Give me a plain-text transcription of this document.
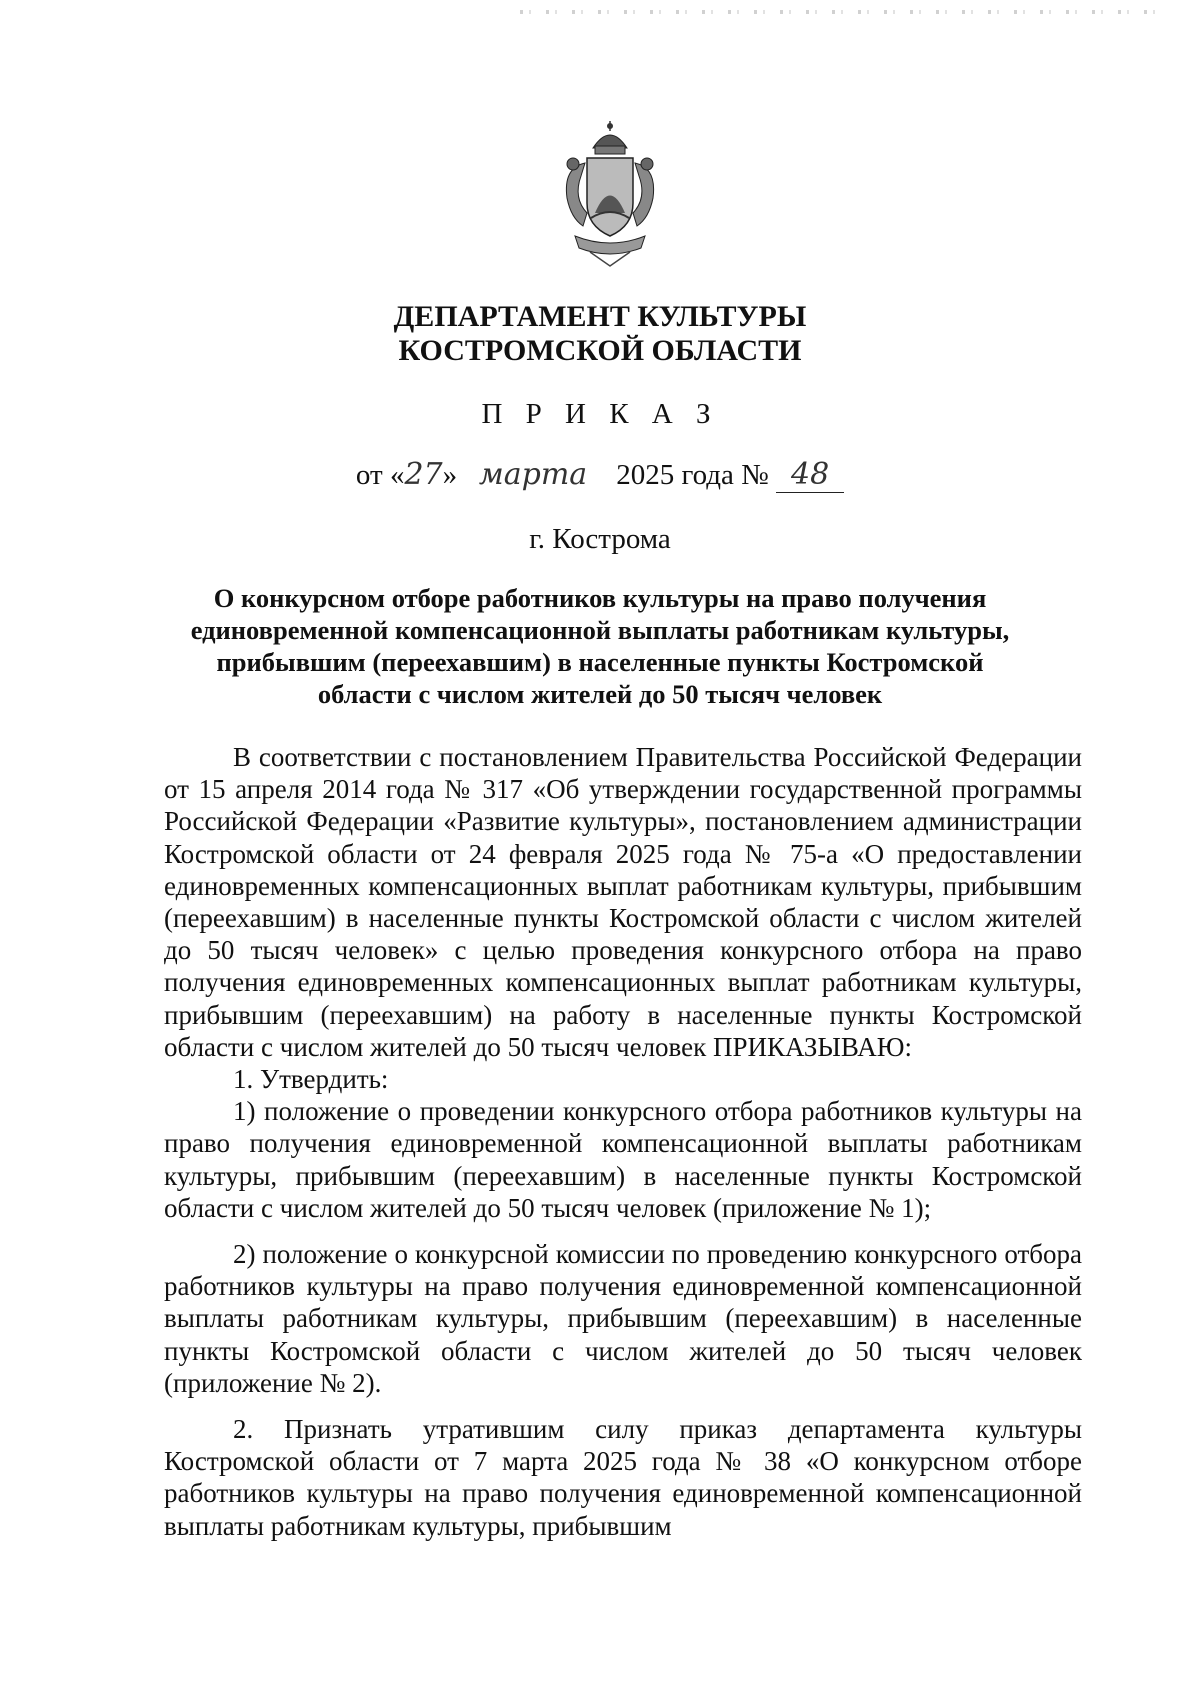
ДЕПАРТАМЕНТ КУЛЬТУРЫ
КОСТРОМСКОЙ ОБЛАСТИ
П Р И К А З
от «27» марта 2025 года № 48
г. Кострома
О конкурсном отборе работников культуры на право получения
единовременной компенсационной выплаты работникам культуры,
прибывшим (переехавшим) в населенные пункты Костромской
области с числом жителей до 50 тысяч человек

В соответствии с постановлением Правительства Российской Федерации от 15 апреля 2014 года № 317 «Об утверждении государственной программы Российской Федерации «Развитие культуры», постановлением администрации Костромской области от 24 февраля 2025 года № 75-а «О предоставлении единовременных компенсационных выплат работникам культуры, прибывшим (переехавшим) в населенные пункты Костромской области с числом жителей до 50 тысяч человек» с целью проведения конкурсного отбора на право получения единовременных компенсационных выплат работникам культуры, прибывшим (переехавшим) на работу в населенные пункты Костромской области с числом жителей до 50 тысяч человек ПРИКАЗЫВАЮ:

1. Утвердить:

1) положение о проведении конкурсного отбора работников культуры на право получения единовременной компенсационной выплаты работникам культуры, прибывшим (переехавшим) в населенные пункты Костромской области с числом жителей до 50 тысяч человек (приложение № 1);

2) положение о конкурсной комиссии по проведению конкурсного отбора работников культуры на право получения единовременной компенсационной выплаты работникам культуры, прибывшим (переехавшим) в населенные пункты Костромской области с числом жителей до 50 тысяч человек (приложение № 2).

2. Признать утратившим силу приказ департамента культуры Костромской области от 7 марта 2025 года № 38 «О конкурсном отборе работников культуры на право получения единовременной компенсационной выплаты работникам культуры, прибывшим
